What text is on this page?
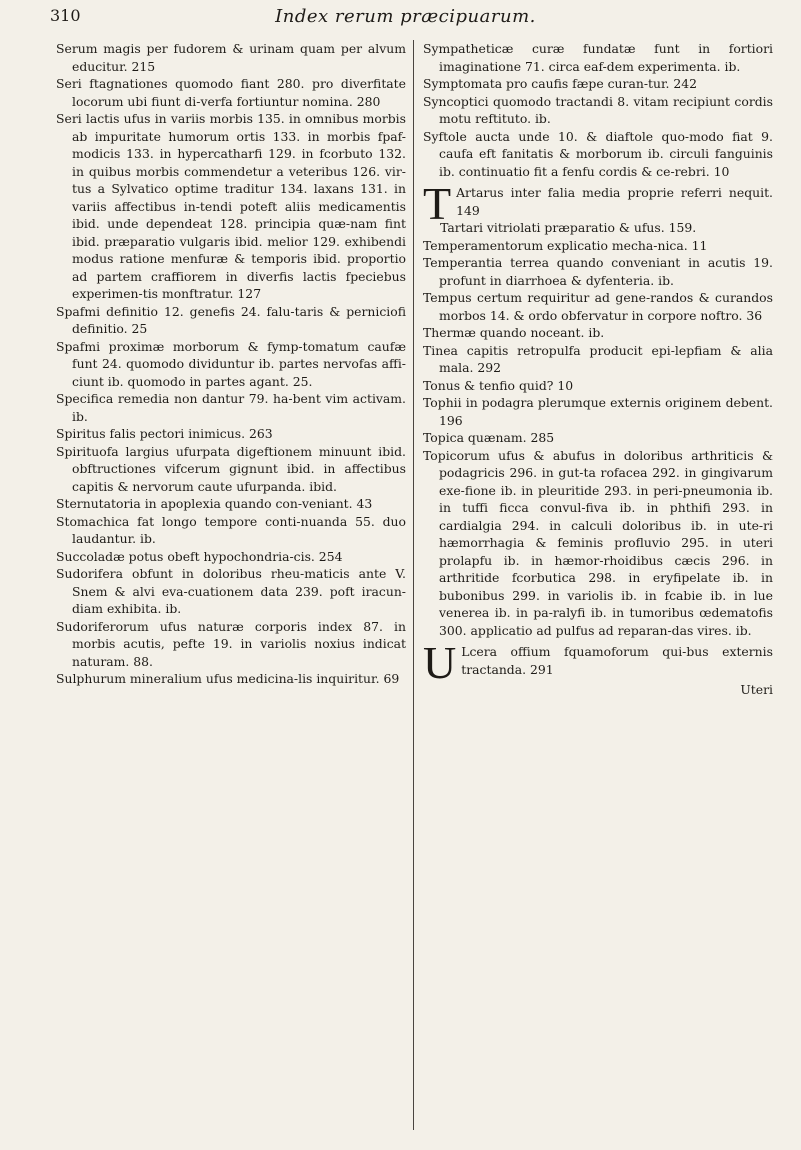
310	Index rerum præcipuarum.

Serum magis per fudorem & urinam quam per alvum educitur. 215

Seri ftagnationes quomodo fiant 280. pro diverfitate locorum ubi fiunt di-verfa fortiuntur nomina. 280

Seri lactis ufus in variis morbis 135. in omnibus morbis ab impuritate humorum ortis 133. in morbis fpaf-modicis 133. in hypercatharfi 129. in fcorbuto 132. in quibus morbis commendetur a veteribus 126. vir-tus a Sylvatico optime traditur 134. laxans 131. in variis affectibus in-tendi poteft aliis medicamentis ibid. unde dependeat 128. principia quæ-nam fint ibid. præparatio vulgaris ibid. melior 129. exhibendi modus ratione menfuræ & temporis ibid. proportio ad partem craffiorem in diverfis lactis fpeciebus experimen-tis monftratur. 127

Spafmi definitio 12. genefis 24. falu-taris & perniciofi definitio. 25

Spafmi proximæ morborum & fymp-tomatum caufæ funt 24. quomodo dividuntur ib. partes nervofas affi-ciunt ib. quomodo in partes agant. 25.

Specifica remedia non dantur 79. ha-bent vim activam. ib.

Spiritus falis pectori inimicus. 263

Spirituofa largius ufurpata digeftionem minuunt ibid. obftructiones vifcerum gignunt ibid. in affectibus capitis & nervorum caute ufurpanda. ibid.

Sternutatoria in apoplexia quando con-veniant. 43

Stomachica fat longo tempore conti-nuanda 55. duo laudantur. ib.

Succoladæ potus obeft hypochondria-cis. 254

Sudorifera obfunt in doloribus rheu-maticis ante V. Snem & alvi eva-cuationem data 239. poft iracun-diam exhibita. ib.

Sudoriferorum ufus naturæ corporis index 87. in morbis acutis, pefte 19. in variolis noxius indicat naturam. 88.

Sulphurum mineralium ufus medicina-lis inquiritur. 69

Sympatheticæ curæ fundatæ funt in fortiori imaginatione 71. circa eaf-dem experimenta. ib.

Symptomata pro caufis fæpe curan-tur. 242

Syncoptici quomodo tractandi 8. vitam recipiunt cordis motu reftituto. ib.

Syftole aucta unde 10. & diaftole quo-modo fiat 9. caufa eft fanitatis & morborum ib. circuli fanguinis ib. continuatio fit a fenfu cordis & ce-rebri. 10

T Artarus inter falia media proprie referri nequit. 149

Tartari vitriolati præparatio & ufus. 159.

Temperamentorum explicatio mecha-nica. 11

Temperantia terrea quando conveniant in acutis 19. profunt in diarrhoea & dyfenteria. ib.

Tempus certum requiritur ad gene-randos & curandos morbos 14. & ordo obfervatur in corpore noftro. 36

Thermæ quando noceant. ib.

Tinea capitis retropulfa producit epi-lepfiam & alia mala. 292

Tonus & tenfio quid? 10

Tophii in podagra plerumque externis originem debent. 196

Topica quænam. 285

Topicorum ufus & abufus in doloribus arthriticis & podagricis 296. in gut-ta rofacea 292. in gingivarum exe-fione ib. in pleuritide 293. in peri-pneumonia ib. in tuffi ficca convul-fiva ib. in phthifi 293. in cardialgia 294. in calculi doloribus ib. in ute-ri hæmorrhagia & feminis profluvio 295. in uteri prolapfu ib. in hæmor-rhoidibus cæcis 296. in arthritide fcorbutica 298. in eryfipelate ib. in bubonibus 299. in variolis ib. in fcabie ib. in lue venerea ib. in pa-ralyfi ib. in tumoribus œdematofis 300. applicatio ad pulfus ad reparan-das vires. ib.

U Lcera offium fquamoforum qui-bus externis tractanda. 291

Uteri
